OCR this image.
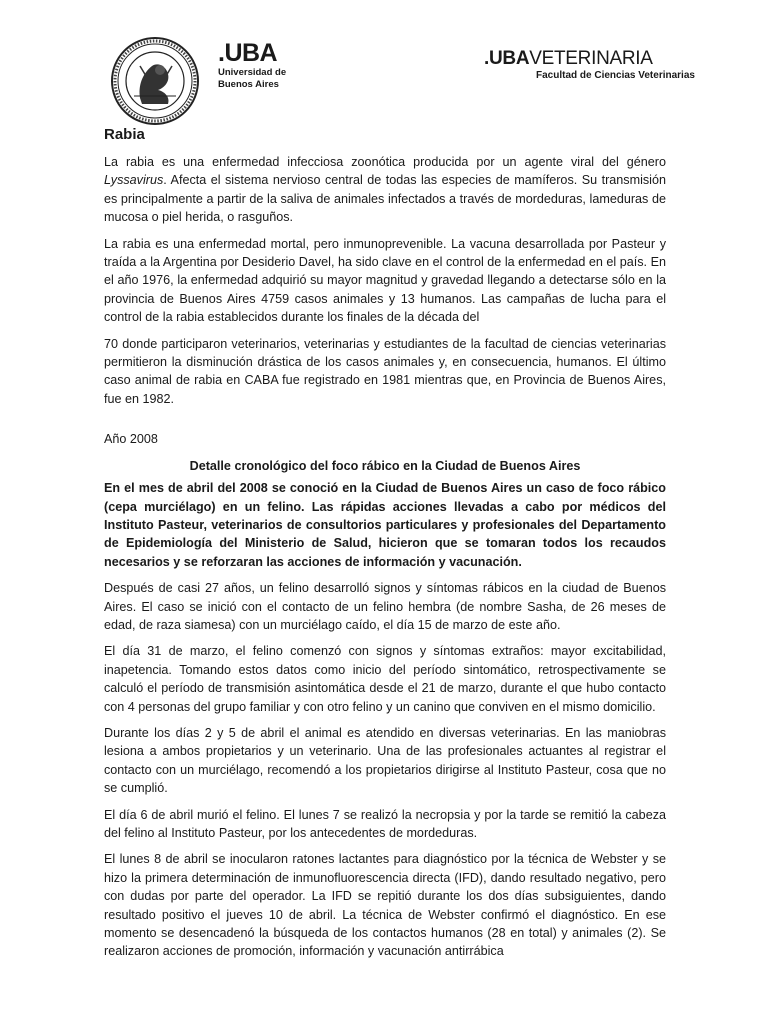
.UBA
Universidad de
Buenos Aires
.UBAVETERINARIA
Facultad de Ciencias Veterinarias
Rabia

La rabia es una enfermedad infecciosa zoonótica producida por un agente viral del género Lyssavirus. Afecta el sistema nervioso central de todas las especies de mamíferos. Su transmisión es principalmente a partir de la saliva de animales infectados a través de mordeduras, lameduras de mucosa o piel herida, o rasguños.

La rabia es una enfermedad mortal, pero inmunoprevenible. La vacuna desarrollada por Pasteur y traída a la Argentina por Desiderio Davel, ha sido clave en el control de la enfermedad en el país. En el año 1976, la enfermedad adquirió su mayor magnitud y gravedad llegando a detectarse sólo en la provincia de Buenos Aires 4759 casos animales y 13 humanos. Las campañas de lucha para el control de la rabia establecidos durante los finales de la década del

70 donde participaron veterinarios, veterinarias y estudiantes de la facultad de ciencias veterinarias permitieron la disminución drástica de los casos animales y, en consecuencia, humanos. El último caso animal de rabia en CABA fue registrado en 1981 mientras que, en Provincia de Buenos Aires, fue en 1982.

Año 2008
Detalle cronológico del foco rábico en la Ciudad de Buenos Aires

En el mes de abril del 2008 se conoció en la Ciudad de Buenos Aires un caso de foco rábico (cepa murciélago) en un felino. Las rápidas acciones llevadas a cabo por médicos del Instituto Pasteur, veterinarios de consultorios particulares y profesionales del Departamento de Epidemiología del Ministerio de Salud, hicieron que se tomaran todos los recaudos necesarios y se reforzaran las acciones de información y vacunación.

Después de casi 27 años, un felino desarrolló signos y síntomas rábicos en la ciudad de Buenos Aires. El caso se inició con el contacto de un felino hembra (de nombre Sasha, de 26 meses de edad, de raza siamesa) con un murciélago caído, el día 15 de marzo de este año.

El día 31 de marzo, el felino comenzó con signos y síntomas extraños: mayor excitabilidad, inapetencia. Tomando estos datos como inicio del período sintomático, retrospectivamente se calculó el período de transmisión asintomática desde el 21 de marzo, durante el que hubo contacto con 4 personas del grupo familiar y con otro felino y un canino que conviven en el mismo domicilio.

Durante los días 2 y 5 de abril el animal es atendido en diversas veterinarias. En las maniobras lesiona a ambos propietarios y un veterinario. Una de las profesionales actuantes al registrar el contacto con un murciélago, recomendó a los propietarios dirigirse al Instituto Pasteur, cosa que no se cumplió.

El día 6 de abril murió el felino. El lunes 7 se realizó la necropsia y por la tarde se remitió la cabeza del felino al Instituto Pasteur, por los antecedentes de mordeduras.

El lunes 8 de abril se inocularon ratones lactantes para diagnóstico por la técnica de Webster y se hizo la primera determinación de inmunofluorescencia directa (IFD), dando resultado negativo, pero con dudas por parte del operador. La IFD se repitió durante los dos días subsiguientes, dando resultado positivo el jueves 10 de abril. La técnica de Webster confirmó el diagnóstico. En ese momento se desencadenó la búsqueda de los contactos humanos (28 en total) y animales (2). Se realizaron acciones de promoción, información y vacunación antirrábica
